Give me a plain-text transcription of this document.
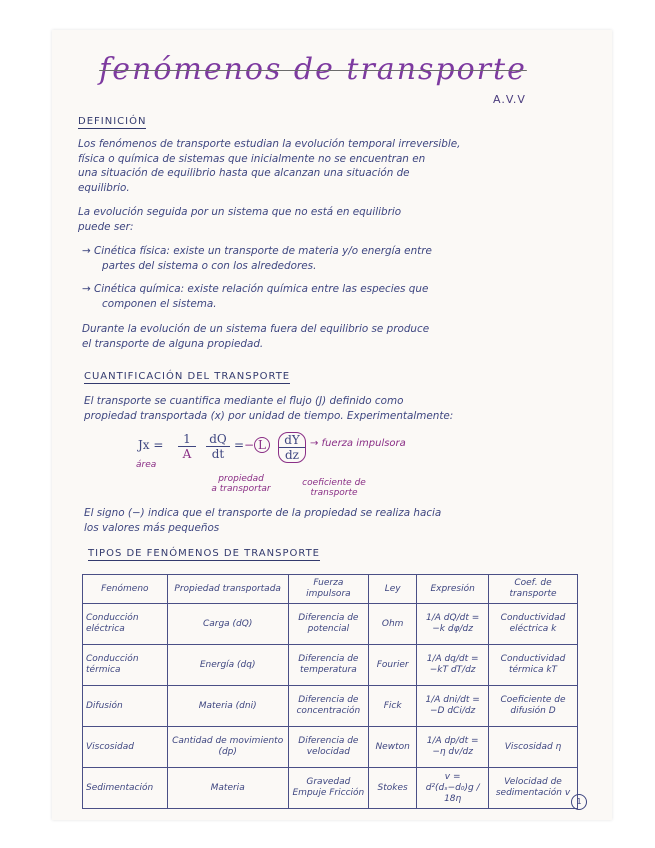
fenómenos de transporte
A.V.V
DEFINICIÓN
Los fenómenos de transporte estudian la evolución temporal irreversible,
física o química de sistemas que inicialmente no se encuentran en
una situación de equilibrio hasta que alcanzan una situación de
equilibrio.
La evolución seguida por un sistema que no está en equilibrio
puede ser:
→ Cinética física: existe un transporte de materia y/o energía entre
partes del sistema o con los alrededores.
→ Cinética química: existe relación química entre las especies que
componen el sistema.
Durante la evolución de un sistema fuera del equilibrio se produce
el transporte de alguna propiedad.
CUANTIFICACIÓN DEL TRANSPORTE
El transporte se cuantifica mediante el flujo (J) definido como
propiedad transportada (x) por unidad de tiempo. Experimentalmente:
Jx =	1
A
dQ
dt
= − L	dY
dz
→ fuerza impulsora
área
propiedad
a transportar
coeficiente de
transporte
El signo (−) indica que el transporte de la propiedad se realiza hacia
los valores más pequeños
TIPOS DE FENÓMENOS DE TRANSPORTE
Fenómeno	Propiedad transportada	Fuerza impulsora	Ley	Expresión	Coef. de transporte
Conducción eléctrica	Carga (dQ)	Diferencia de potencial	Ohm	1/A dQ/dt = −k dφ/dz	Conductividad eléctrica k
Conducción térmica	Energía (dq)	Diferencia de temperatura	Fourier	1/A dq/dt = −kT dT/dz	Conductividad térmica kT
Difusión	Materia (dni)	Diferencia de concentración	Fick	1/A dni/dt = −D dCi/dz	Coeficiente de difusión D
Viscosidad	Cantidad de movimiento (dp)	Diferencia de velocidad	Newton	1/A dp/dt = −η dv/dz	Viscosidad η
Sedimentación	Materia	Gravedad Empuje Fricción	Stokes	v = d²(dₛ−d₀)g / 18η	Velocidad de sedimentación v
1
